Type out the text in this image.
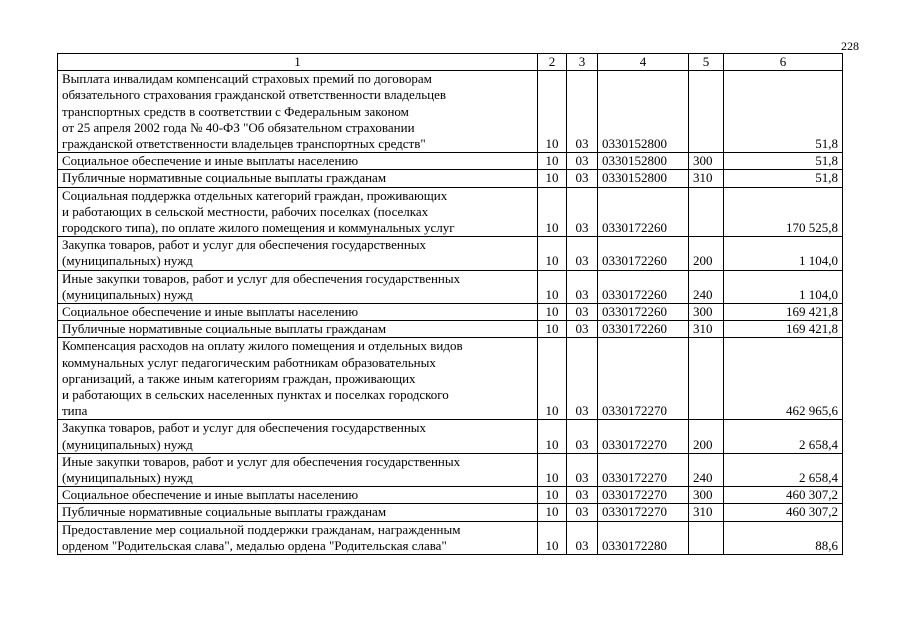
228
1	2	3	4	5	6

Выплата инвалидам компенсаций страховых премий по договорам
обязательного страхования гражданской ответственности владельцев
транспортных средств в соответствии с Федеральным законом
от 25 апреля 2002 года № 40-ФЗ "Об обязательном страховании
гражданской ответственности владельцев транспортных средств"	10	03	0330152800		51,8

Социальное обеспечение и иные выплаты населению	10	03	0330152800	300	51,8

Публичные нормативные социальные выплаты гражданам	10	03	0330152800	310	51,8

Социальная поддержка отдельных категорий граждан, проживающих
и работающих в сельской местности, рабочих поселках (поселках
городского типа), по оплате жилого помещения и коммунальных услуг	10	03	0330172260		170 525,8

Закупка товаров, работ и услуг для обеспечения государственных
(муниципальных) нужд	10	03	0330172260	200	1 104,0

Иные закупки товаров, работ и услуг для обеспечения государственных
(муниципальных) нужд	10	03	0330172260	240	1 104,0

Социальное обеспечение и иные выплаты населению	10	03	0330172260	300	169 421,8

Публичные нормативные социальные выплаты гражданам	10	03	0330172260	310	169 421,8

Компенсация расходов на оплату жилого помещения и отдельных видов
коммунальных услуг педагогическим работникам образовательных
организаций, а также иным категориям граждан, проживающих
и работающих в сельских населенных пунктах и поселках городского
типа	10	03	0330172270		462 965,6

Закупка товаров, работ и услуг для обеспечения государственных
(муниципальных) нужд	10	03	0330172270	200	2 658,4

Иные закупки товаров, работ и услуг для обеспечения государственных
(муниципальных) нужд	10	03	0330172270	240	2 658,4

Социальное обеспечение и иные выплаты населению	10	03	0330172270	300	460 307,2

Публичные нормативные социальные выплаты гражданам	10	03	0330172270	310	460 307,2

Предоставление мер социальной поддержки гражданам, награжденным
орденом "Родительская слава", медалью ордена "Родительская слава"	10	03	0330172280		88,6
